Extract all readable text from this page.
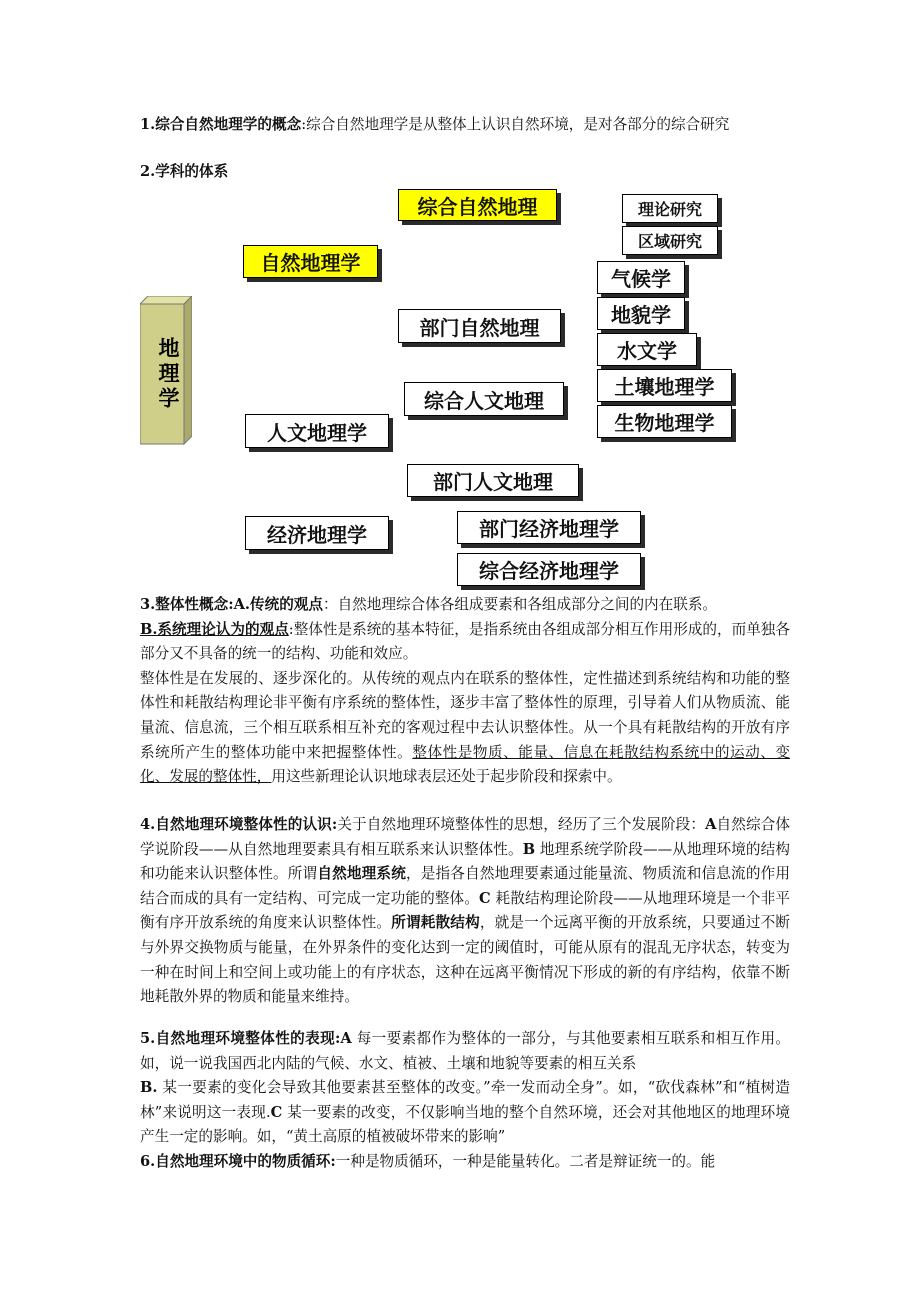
1.综合自然地理学的概念:综合自然地理学是从整体上认识自然环境，是对各部分的综合研究
2.学科的体系
地理学
综合自然地理	理论研究
区域研究
自然地理学
气候学
地貌学
部门自然地理
水文学
土壤地理学
综合人文地理
生物地理学
人文地理学
部门人文地理
经济地理学	部门经济地理学
综合经济地理学
3.整体性概念:A.传统的观点：自然地理综合体各组成要素和各组成部分之间的内在联系。
B.系统理论认为的观点:整体性是系统的基本特征，是指系统由各组成部分相互作用形成的，而单独各部分又不具备的统一的结构、功能和效应。
整体性是在发展的、逐步深化的。从传统的观点内在联系的整体性，定性描述到系统结构和功能的整体性和耗散结构理论非平衡有序系统的整体性，逐步丰富了整体性的原理，引导着人们从物质流、能量流、信息流，三个相互联系相互补充的客观过程中去认识整体性。从一个具有耗散结构的开放有序系统所产生的整体功能中来把握整体性。整体性是物质、能量、信息在耗散结构系统中的运动、变化、发展的整体性，用这些新理论认识地球表层还处于起步阶段和探索中。
4.自然地理环境整体性的认识:关于自然地理环境整体性的思想，经历了三个发展阶段：A自然综合体学说阶段——从自然地理要素具有相互联系来认识整体性。B 地理系统学阶段——从地理环境的结构和功能来认识整体性。所谓自然地理系统，是指各自然地理要素通过能量流、物质流和信息流的作用结合而成的具有一定结构、可完成一定功能的整体。C 耗散结构理论阶段——从地理环境是一个非平衡有序开放系统的角度来认识整体性。所谓耗散结构，就是一个远离平衡的开放系统，只要通过不断与外界交换物质与能量，在外界条件的变化达到一定的阈值时，可能从原有的混乱无序状态，转变为一种在时间上和空间上或功能上的有序状态，这种在远离平衡情况下形成的新的有序结构，依靠不断地耗散外界的物质和能量来维持。
5.自然地理环境整体性的表现:A 每一要素都作为整体的一部分，与其他要素相互联系和相互作用。如，说一说我国西北内陆的气候、水文、植被、土壤和地貌等要素的相互关系
B. 某一要素的变化会导致其他要素甚至整体的改变。”牵一发而动全身”。如，“砍伐森林”和“植树造林”来说明这一表现.C 某一要素的改变，不仅影响当地的整个自然环境，还会对其他地区的地理环境产生一定的影响。如，“黄土高原的植被破坏带来的影响”
6.自然地理环境中的物质循环:一种是物质循环，一种是能量转化。二者是辩证统一的。能
